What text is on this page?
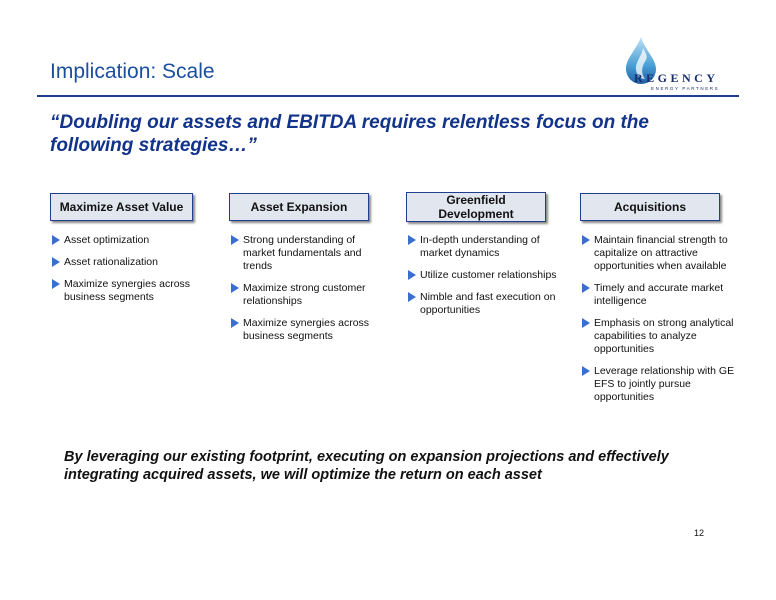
Implication: Scale	REGENCY
ENERGY PARTNERS
“Doubling our assets and EBITDA requires relentless focus on the following strategies…”
Maximize Asset Value
Asset optimization
Asset rationalization
Maximize synergies across business segments
Asset Expansion
Strong understanding of market fundamentals and trends
Maximize strong customer relationships
Maximize synergies across business segments
Greenfield Development
In-depth understanding of market dynamics
Utilize customer relationships
Nimble and fast execution on opportunities
Acquisitions
Maintain financial strength to capitalize on attractive opportunities when available
Timely and accurate market intelligence
Emphasis on strong analytical capabilities to analyze opportunities
Leverage relationship with GE EFS to jointly pursue opportunities
By leveraging our existing footprint, executing on expansion projections and effectively integrating acquired assets, we will optimize the return on each asset
12
